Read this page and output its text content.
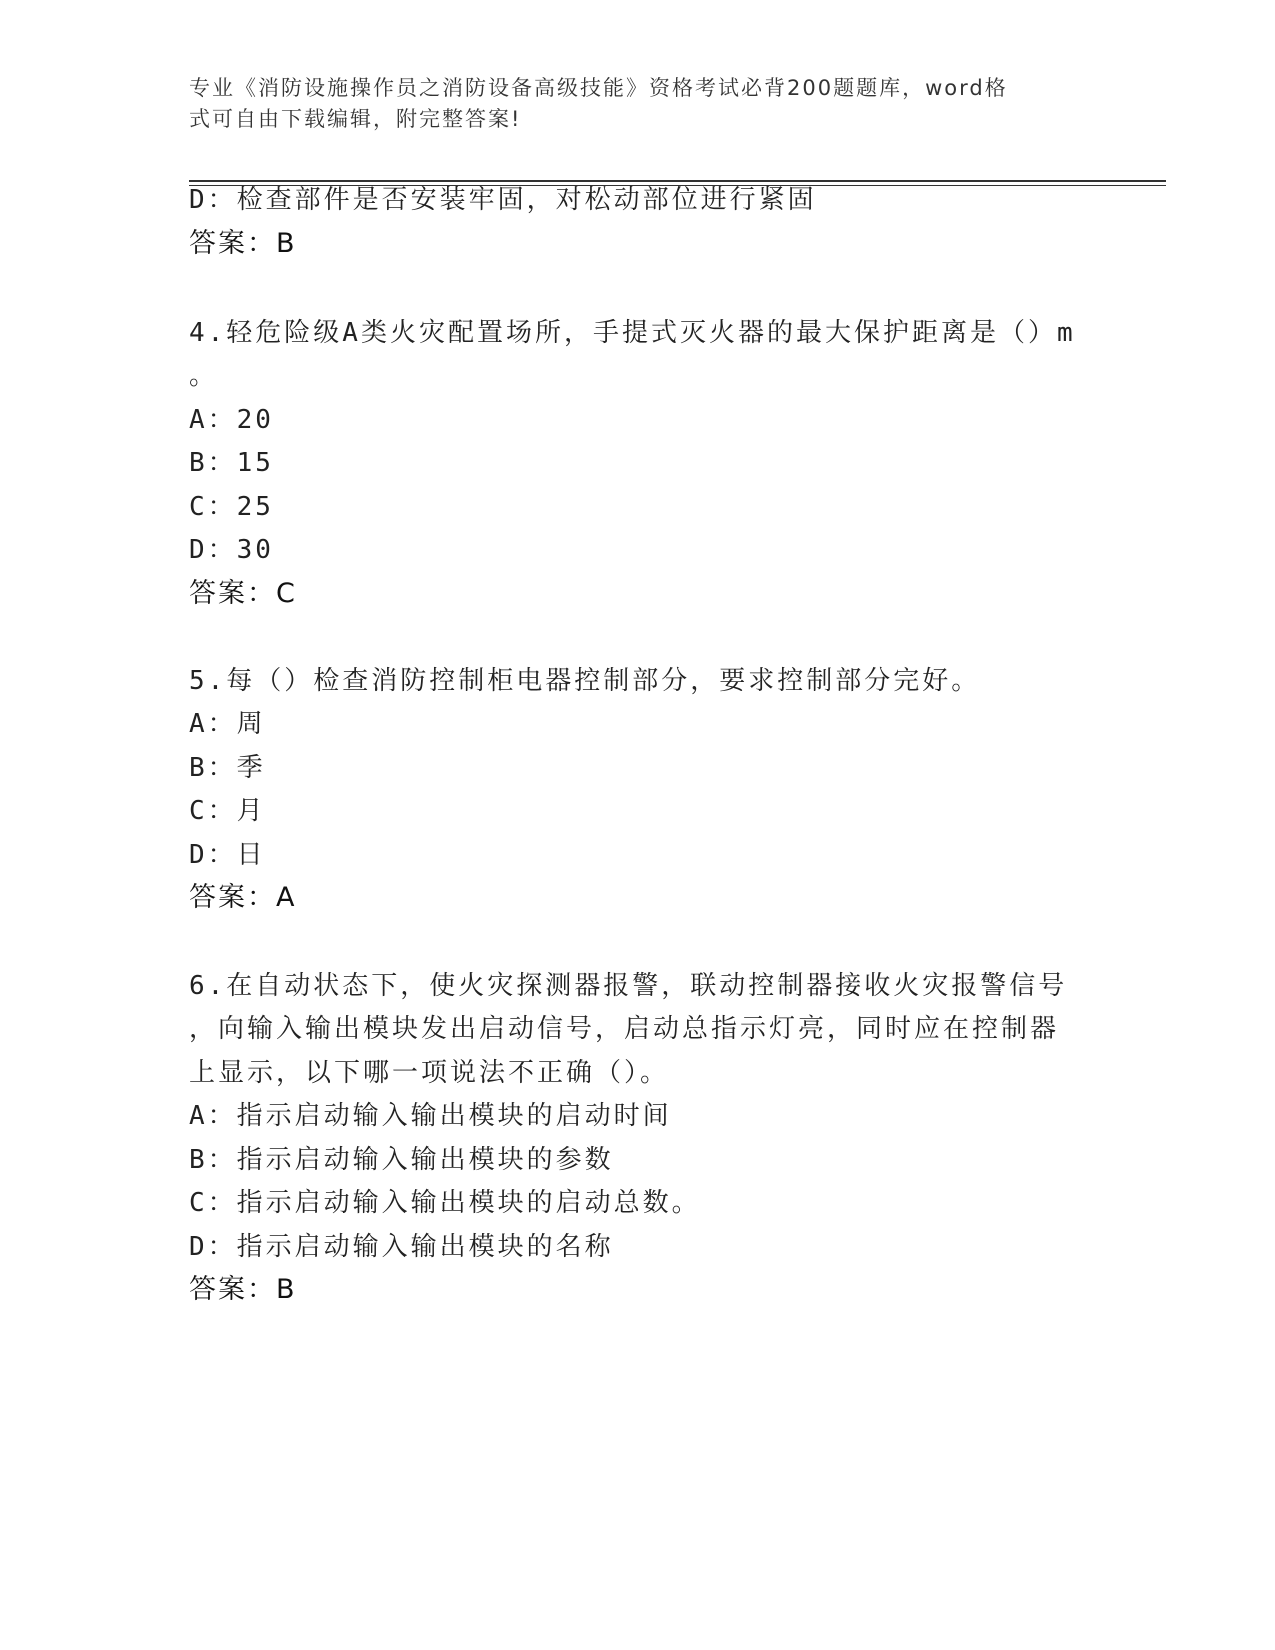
专业《消防设施操作员之消防设备高级技能》资格考试必背200题题库，word格
式可自由下载编辑，附完整答案!
D：检查部件是否安装牢固，对松动部位进行紧固
答案：B
4.轻危险级A类火灾配置场所，手提式灭火器的最大保护距离是（）m
。
A：20
B：15
C：25
D：30
答案：C
5.每（）检查消防控制柜电器控制部分，要求控制部分完好。
A：周
B：季
C：月
D：日
答案：A
6.在自动状态下，使火灾探测器报警，联动控制器接收火灾报警信号
，向输入输出模块发出启动信号，启动总指示灯亮，同时应在控制器
上显示，以下哪一项说法不正确（）。
A：指示启动输入输出模块的启动时间
B：指示启动输入输出模块的参数
C：指示启动输入输出模块的启动总数。
D：指示启动输入输出模块的名称
答案：B
